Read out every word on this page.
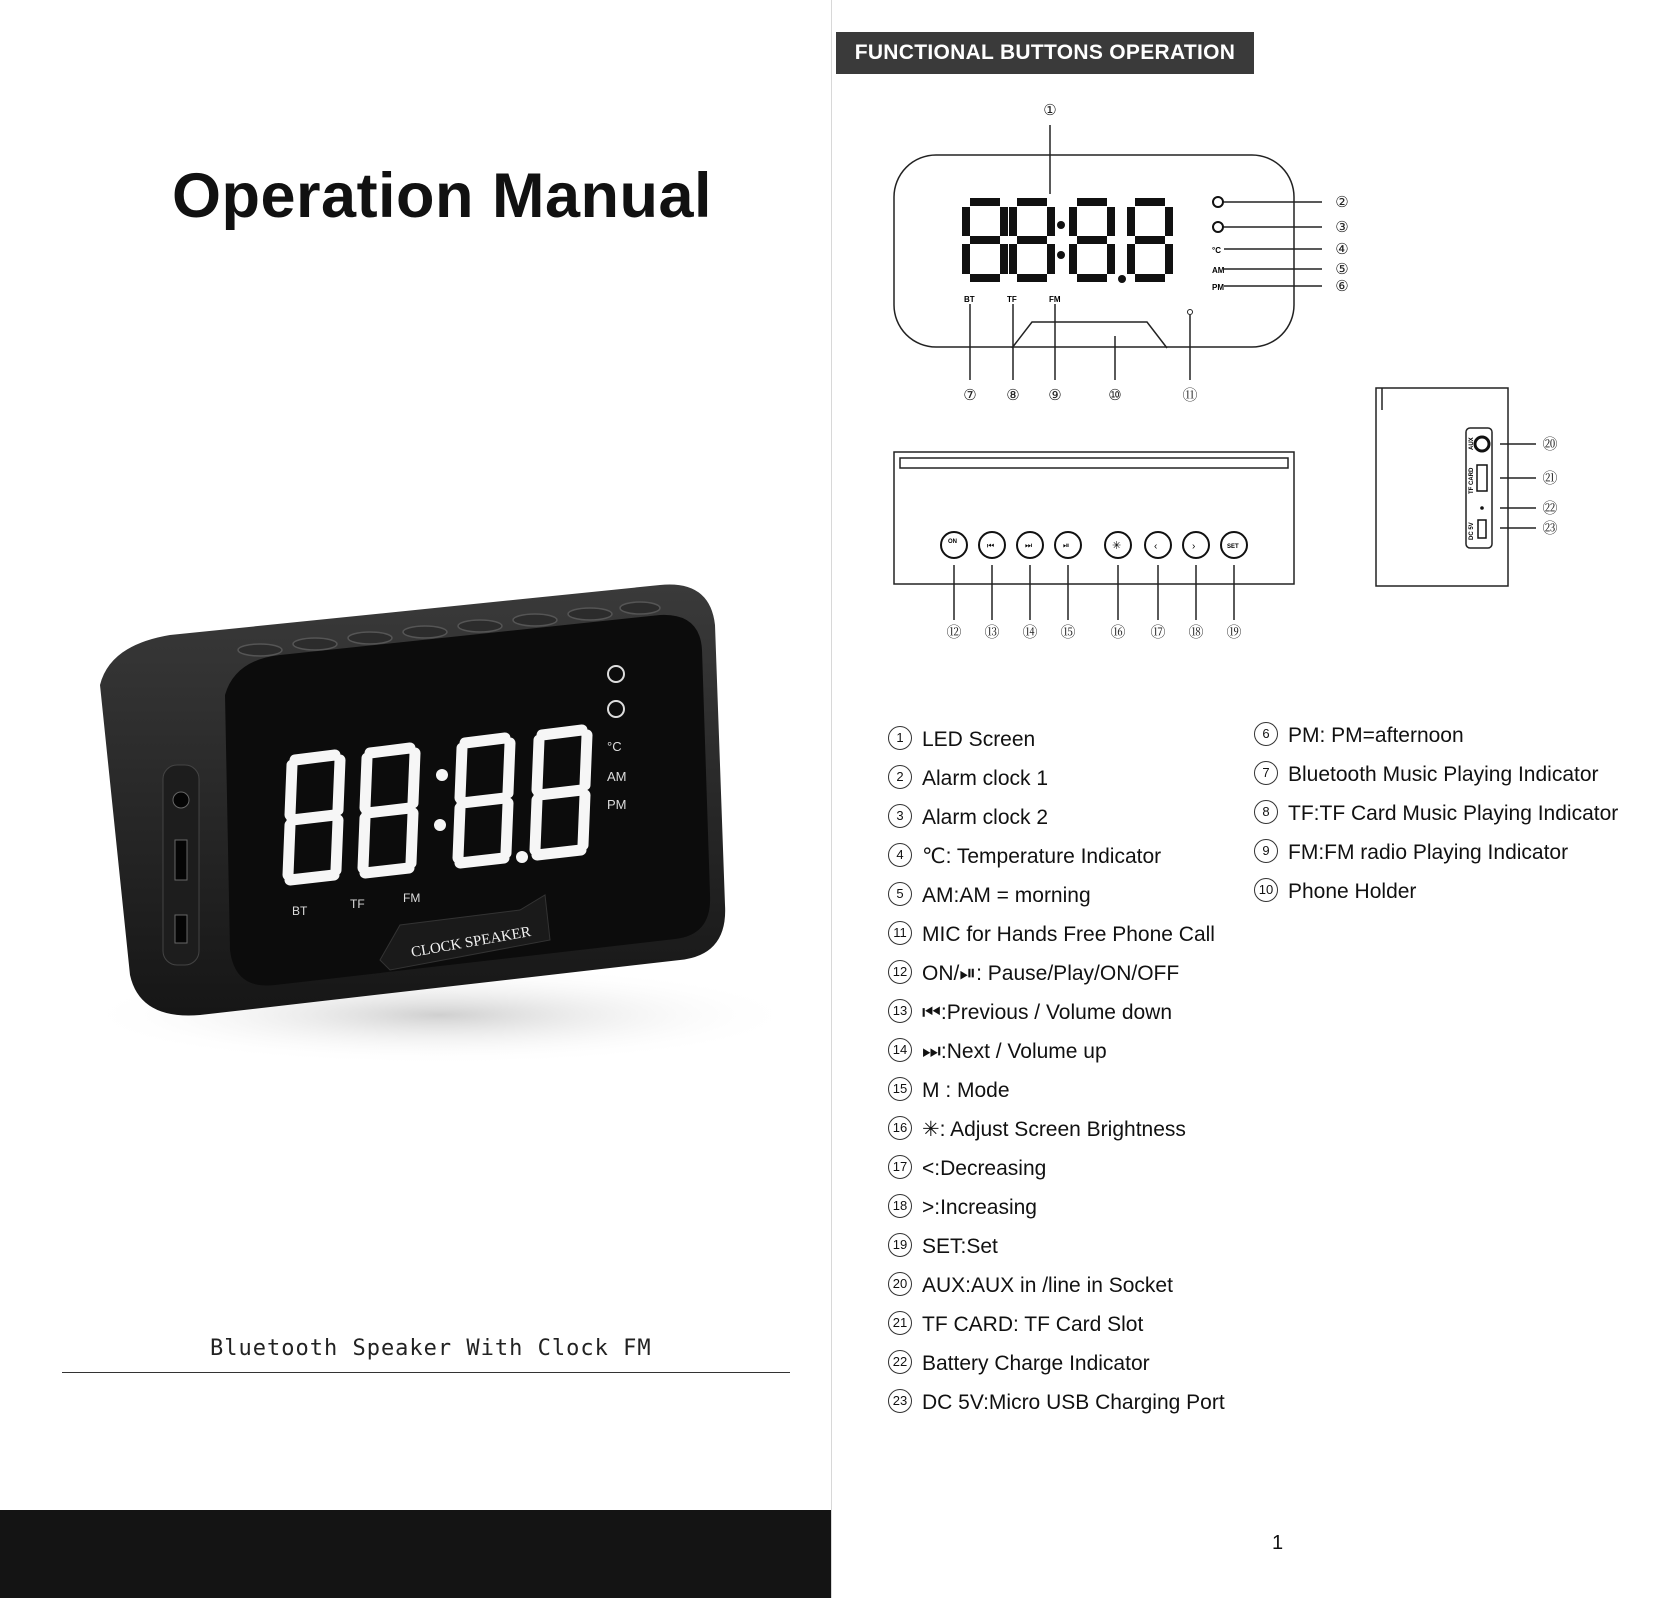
Operation Manual
°C
AM
PM
BT	TF	FM
CLOCK SPEAKER
Bluetooth Speaker With Clock FM
FUNCTIONAL BUTTONS OPERATION
°C
AM
PM
BT	TF	FM
ON	⏮	⏭	⏯	✳	‹	›	SET
AUX
TF CARD
DC 5V
①
②
③
④
⑤
⑥
⑦ ⑧ ⑨	⑩	⑪
⑫ ⑬ ⑭ ⑮ ⑯ ⑰ ⑱ ⑲
⑳
㉑
㉒
㉓
1 LED Screen
2 Alarm clock 1
3 Alarm clock 2
4 ℃: Temperature Indicator
5 AM:AM = morning
11 MIC for Hands Free Phone Call
12 ON/⏯: Pause/Play/ON/OFF
13 ⏮:Previous / Volume down
14 ⏭:Next / Volume up
15 M : Mode
16 ✳: Adjust Screen Brightness
17 <:Decreasing
18 >:Increasing
19 SET:Set
20 AUX:AUX in /line in Socket
21 TF CARD: TF Card Slot
22 Battery Charge Indicator
23 DC 5V:Micro USB Charging Port
6 PM: PM=afternoon
7 Bluetooth Music Playing Indicator
8 TF:TF Card Music Playing Indicator
9 FM:FM radio Playing Indicator
10 Phone Holder
1
